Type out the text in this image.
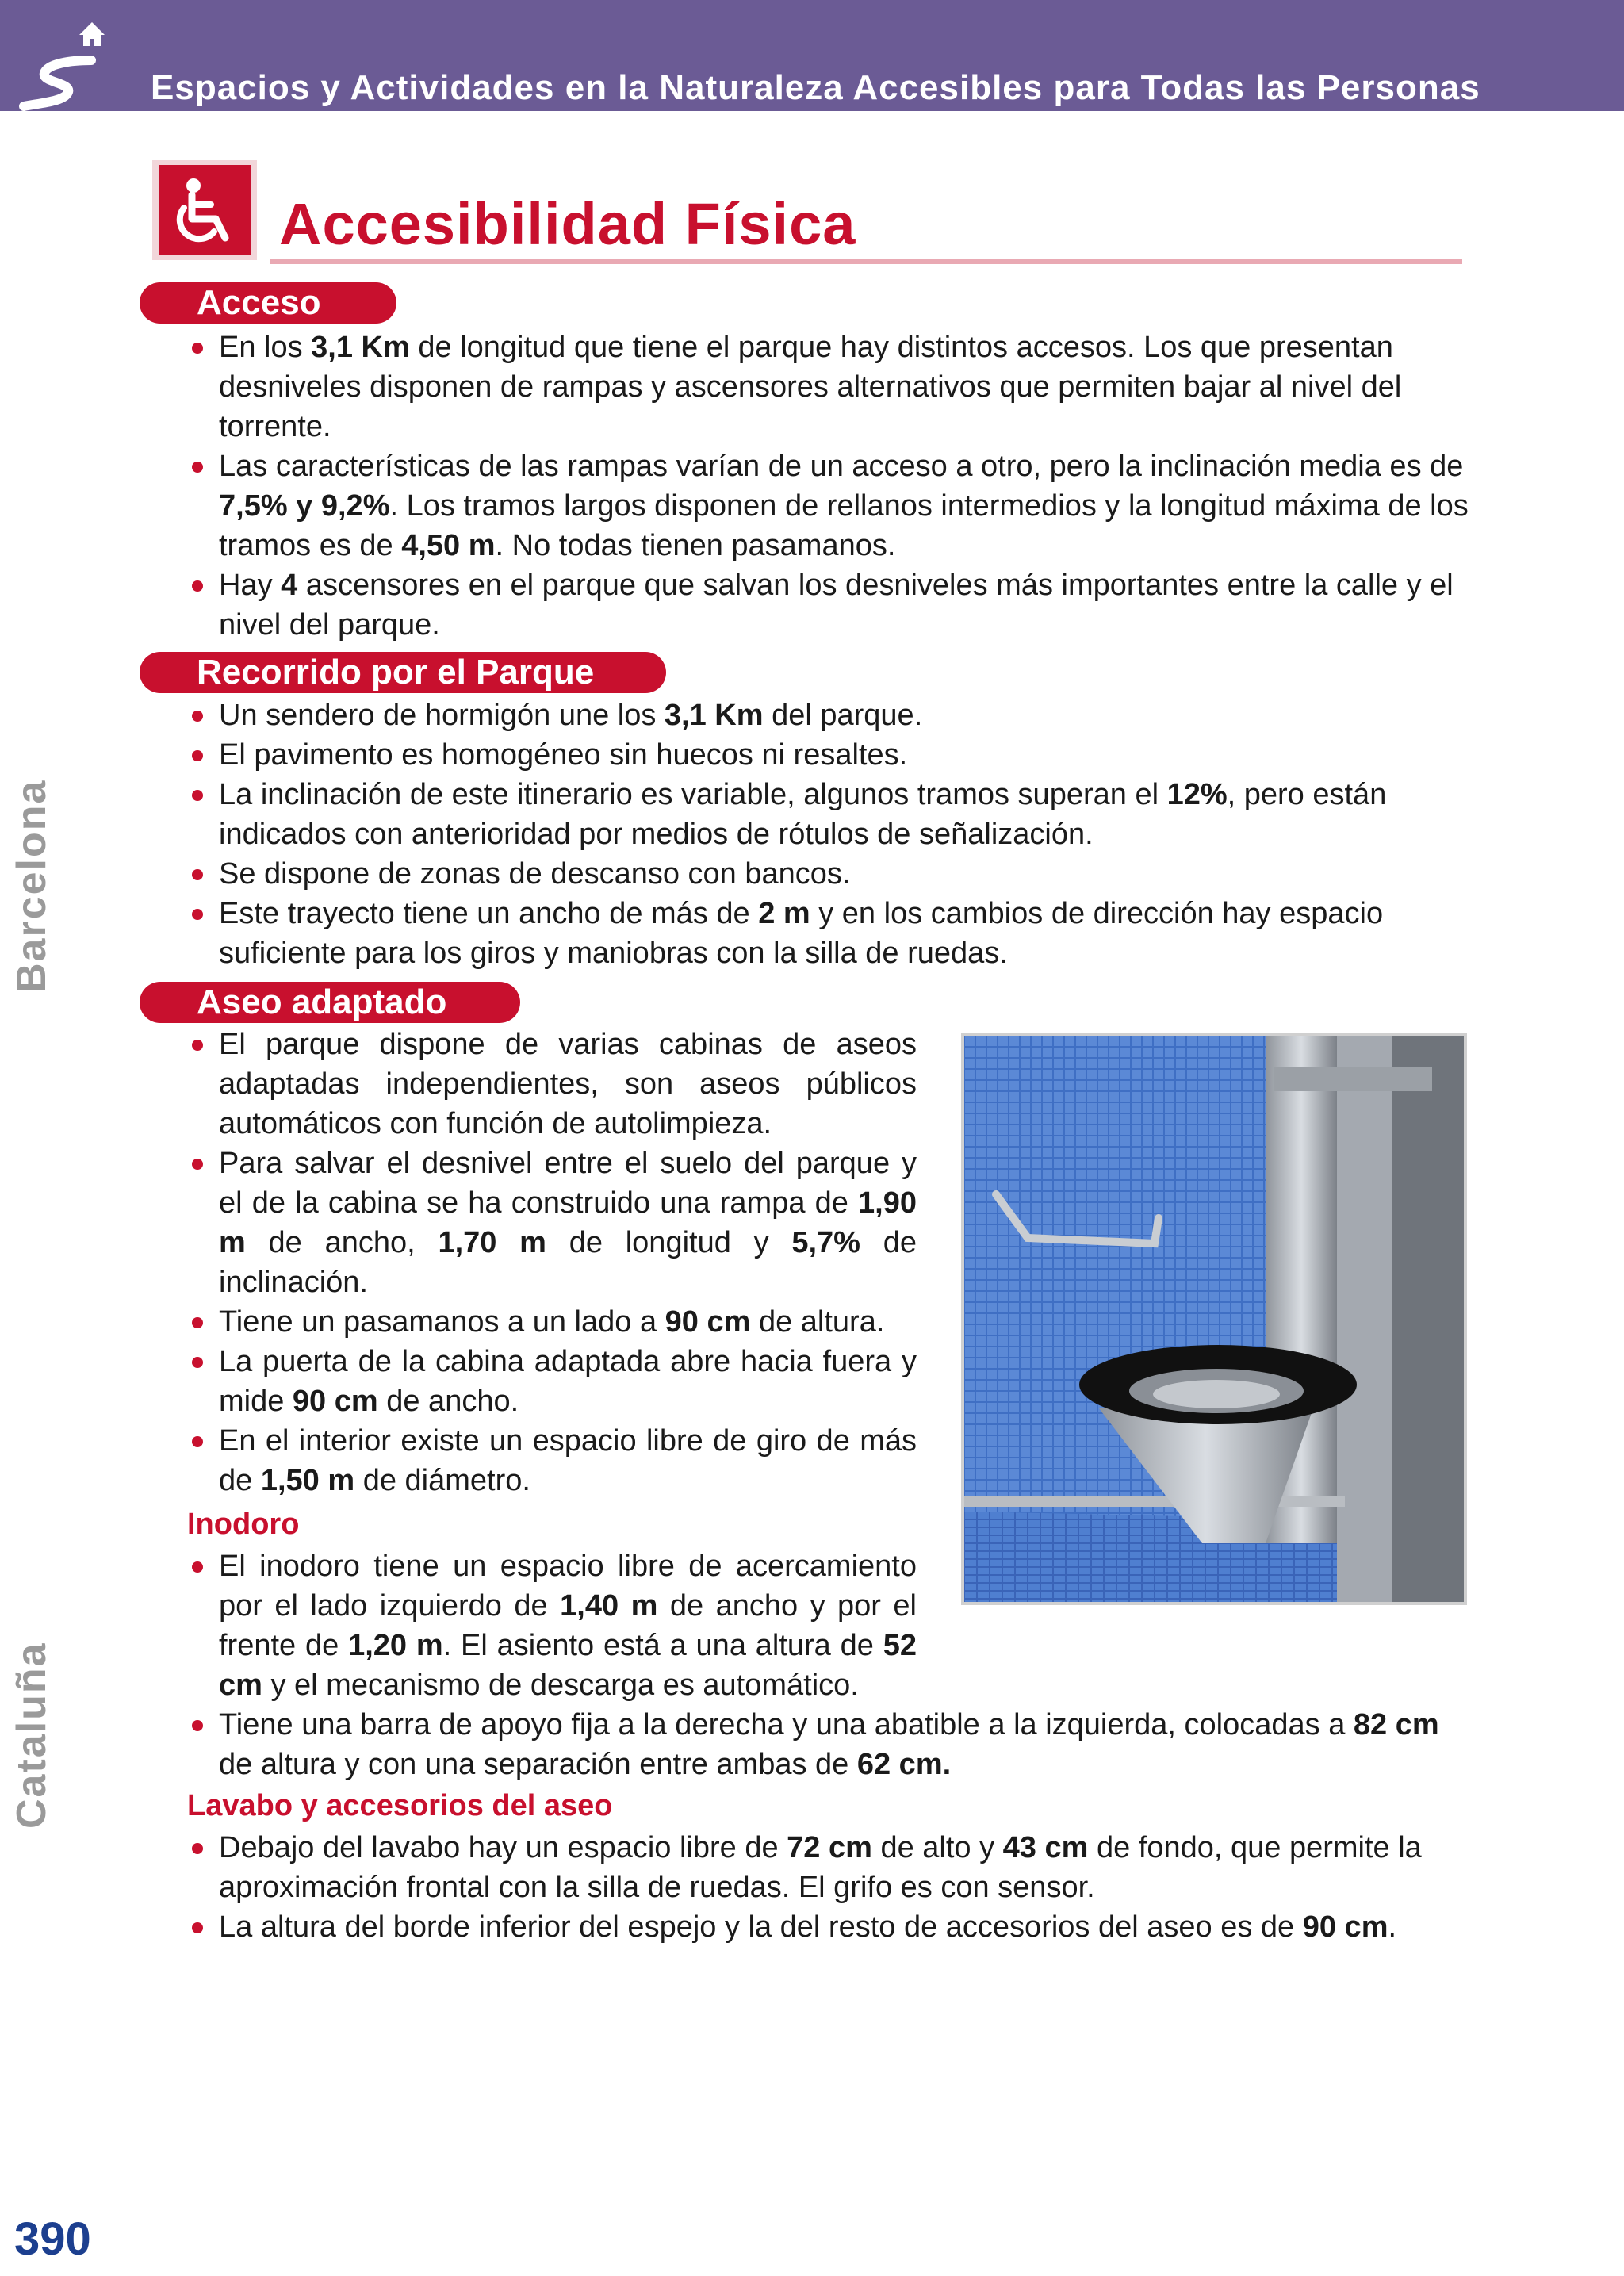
Espacios y Actividades en la Naturaleza Accesibles para Todas las Personas
Accesibilidad Física
Acceso
En los 3,1 Km de longitud que tiene el parque hay distintos accesos. Los que presentan desniveles disponen de rampas y ascensores alternativos que permiten bajar al nivel del torrente.
Las características de las rampas varían de un acceso a otro, pero la inclinación media es de 7,5% y 9,2%. Los tramos largos disponen de rellanos intermedios y la longitud máxima de los tramos es de 4,50 m. No todas tienen pasamanos.
Hay 4 ascensores en el parque que salvan los desniveles más importantes entre la calle y el nivel del parque.
Recorrido por el Parque
Un sendero de hormigón une los 3,1 Km del parque.
El pavimento es homogéneo sin huecos ni resaltes.
La inclinación de este itinerario es variable, algunos tramos superan el 12%, pero están indicados con anterioridad por medios de rótulos de señalización.
Se dispone de zonas de descanso con bancos.
Este trayecto tiene un ancho de más de 2 m y en los cambios de dirección hay espacio suficiente para los giros y maniobras con la silla de ruedas.
Aseo adaptado
El parque dispone de varias cabinas de aseos adaptadas independientes, son aseos públicos automáticos con función de autolimpieza.
Para salvar el desnivel entre el suelo del parque y el de la cabina se ha construido una rampa de 1,90 m de ancho, 1,70 m de longitud y 5,7% de inclinación.
Tiene un pasamanos a un lado a 90 cm de altura.
La puerta de la cabina adaptada abre hacia fuera y mide 90 cm de ancho.
En el interior existe un espacio libre de giro de más de 1,50 m de diámetro.
Inodoro
El inodoro tiene un espacio libre de acercamiento por el lado izquierdo de 1,40 m de ancho y por el frente de 1,20 m. El asiento está a una altura de 52 cm y el mecanismo de descarga es automático.
Tiene una barra de apoyo fija a la derecha y una abatible a la izquierda, colocadas a 82 cm de altura y con una separación entre ambas de 62 cm.
Lavabo y accesorios del aseo
Debajo del lavabo hay un espacio libre de 72 cm de alto y 43 cm de fondo, que permite la aproximación frontal con la silla de ruedas. El grifo es con sensor.
La altura del borde inferior del espejo y la del resto de accesorios del aseo es de 90 cm.
Barcelona
Cataluña
390
